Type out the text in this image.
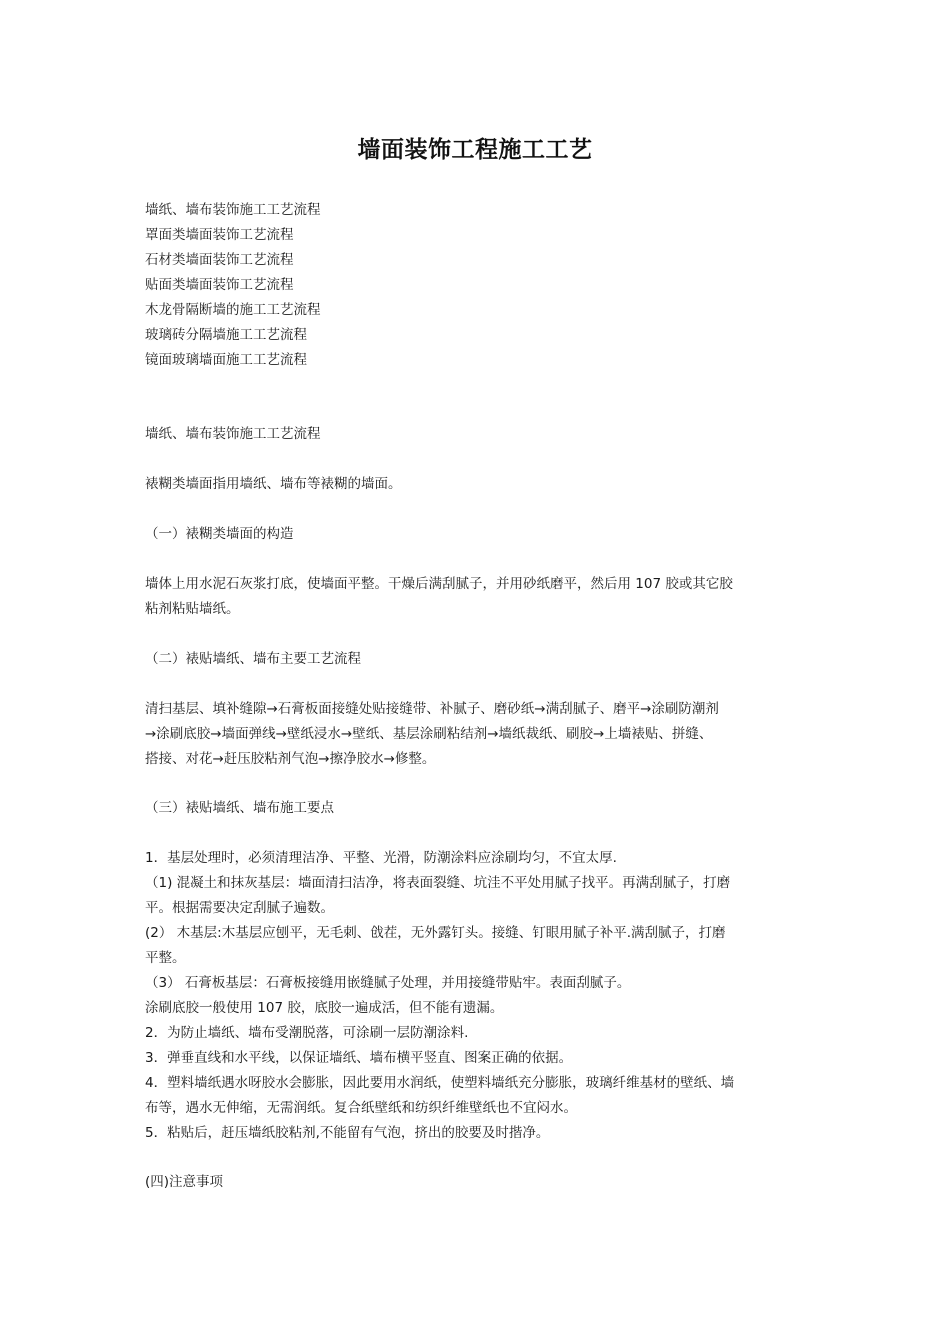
墙面装饰工程施工工艺
墙纸、墙布装饰施工工艺流程
罩面类墙面装饰工艺流程
石材类墙面装饰工艺流程
贴面类墙面装饰工艺流程
木龙骨隔断墙的施工工艺流程
玻璃砖分隔墙施工工艺流程
镜面玻璃墙面施工工艺流程
墙纸、墙布装饰施工工艺流程
裱糊类墙面指用墙纸、墙布等裱糊的墙面。
（一）裱糊类墙面的构造
墙体上用水泥石灰浆打底，使墙面平整。干燥后满刮腻子，并用砂纸磨平，然后用 107 胶或其它胶
粘剂粘贴墙纸。
（二）裱贴墙纸、墙布主要工艺流程
清扫基层、填补缝隙→石膏板面接缝处贴接缝带、补腻子、磨砂纸→满刮腻子、磨平→涂刷防潮剂
→涂刷底胶→墙面弹线→壁纸浸水→壁纸、基层涂刷粘结剂→墙纸裁纸、刷胶→上墙裱贴、拼缝、
搭接、对花→赶压胶粘剂气泡→擦净胶水→修整。
（三）裱贴墙纸、墙布施工要点
1．基层处理时，必须清理洁净、平整、光滑，防潮涂料应涂刷均匀，不宜太厚.
（1) 混凝土和抹灰基层：墙面清扫洁净，将表面裂缝、坑洼不平处用腻子找平。再满刮腻子，打磨
平。根据需要决定刮腻子遍数。
(2） 木基层:木基层应刨平，无毛刺、戗茬，无外露钉头。接缝、钉眼用腻子补平.满刮腻子，打磨
平整。
（3） 石膏板基层：石膏板接缝用嵌缝腻子处理，并用接缝带贴牢。表面刮腻子。
涂刷底胶一般使用 107 胶，底胶一遍成活，但不能有遗漏。
2．为防止墙纸、墙布受潮脱落，可涂刷一层防潮涂料.
3．弹垂直线和水平线，以保证墙纸、墙布横平竖直、图案正确的依据。
4．塑料墙纸遇水呀胶水会膨胀，因此要用水润纸，使塑料墙纸充分膨胀，玻璃纤维基材的壁纸、墙
布等，遇水无伸缩，无需润纸。复合纸壁纸和纺织纤维壁纸也不宜闷水。
5．粘贴后，赶压墙纸胶粘剂,不能留有气泡，挤出的胶要及时揩净。
(四)注意事项
